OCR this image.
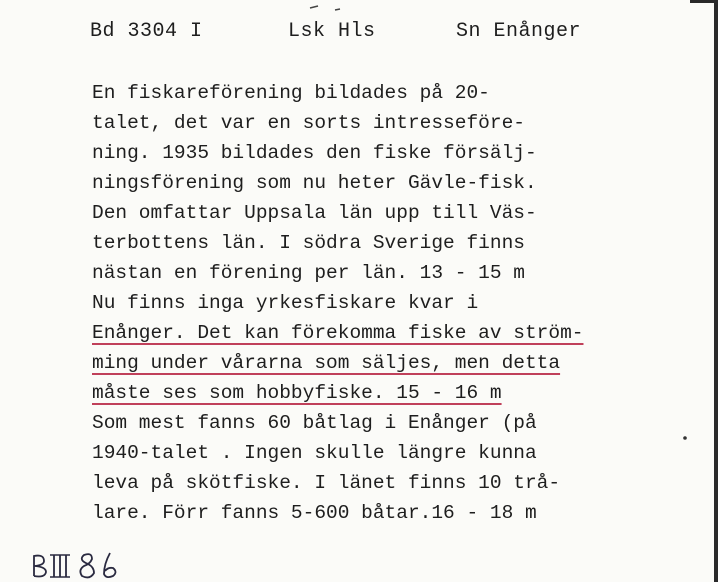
Bd 3304 I	Lsk Hls	Sn Enånger
En fiskareförening bildades på 20-
talet, det var en sorts intresseföre-
ning. 1935 bildades den fiske försälj-
ningsförening som nu heter Gävle-fisk.
Den omfattar Uppsala län upp till Väs-
terbottens län. I södra Sverige finns
nästan en förening per län. 13 - 15 m
Nu finns inga yrkesfiskare kvar i
Enånger. Det kan förekomma fiske av ström-
ming under vårarna som säljes, men detta
måste ses som hobbyfiske. 15 - 16 m
Som mest fanns 60 båtlag i Enånger (på
1940-talet . Ingen skulle längre kunna
leva på skötfiske. I länet finns 10 trå-
lare. Förr fanns 5-600 båtar.16 - 18 m
